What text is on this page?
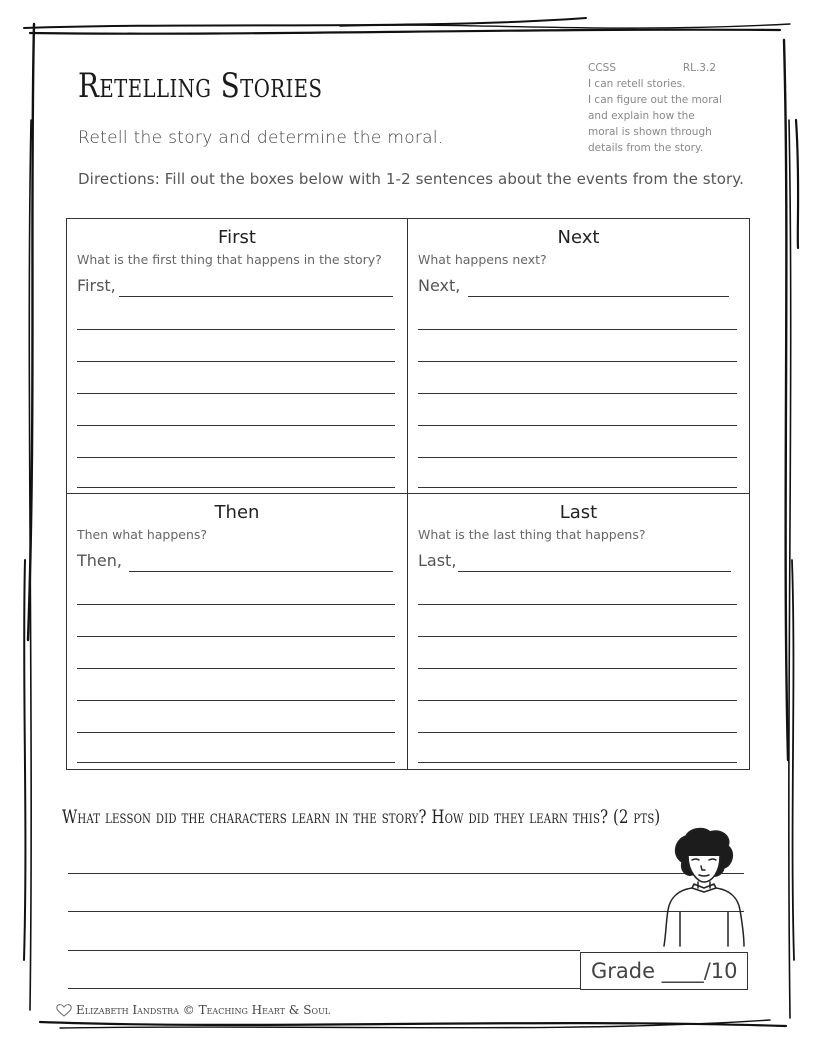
Retelling Stories
Retell the story and determine the moral.
Directions: Fill out the boxes below with 1-2 sentences about the events from the story.
CCSS	RL.3.2
I can retell stories.
I can figure out the moral
and explain how the
moral is shown through
details from the story.
First
What is the first thing that happens in the story?
First,
Next
What happens next?
Next,
Then
Then what happens?
Then,
Last
What is the last thing that happens?
Last,
What lesson did the characters learn in the story? How did they learn this? (2 pts)
Grade ____/10
Elizabeth Iandstra © Teaching Heart & Soul
